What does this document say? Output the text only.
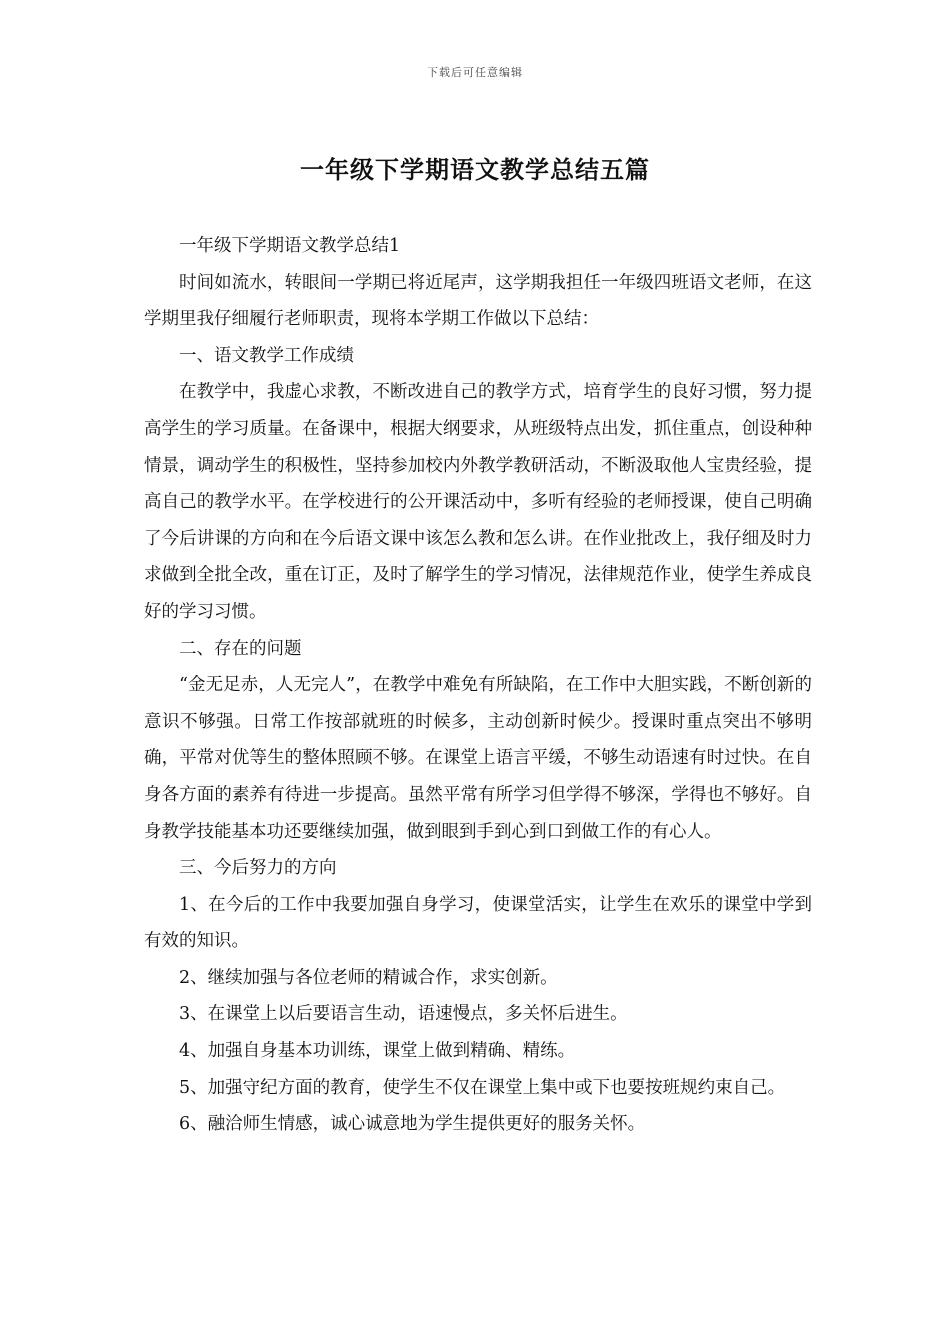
下载后可任意编辑
一年级下学期语文教学总结五篇

一年级下学期语文教学总结1

时间如流水，转眼间一学期已将近尾声，这学期我担任一年级四班语文老师，在这学期里我仔细履行老师职责，现将本学期工作做以下总结：

一、语文教学工作成绩

在教学中，我虚心求教，不断改进自己的教学方式，培育学生的良好习惯，努力提高学生的学习质量。在备课中，根据大纲要求，从班级特点出发，抓住重点，创设种种情景，调动学生的积极性，坚持参加校内外教学教研活动，不断汲取他人宝贵经验，提高自己的教学水平。在学校进行的公开课活动中，多听有经验的老师授课，使自己明确了今后讲课的方向和在今后语文课中该怎么教和怎么讲。在作业批改上，我仔细及时力求做到全批全改，重在订正，及时了解学生的学习情况，法律规范作业，使学生养成良好的学习习惯。

二、存在的问题

“金无足赤，人无完人”，在教学中难免有所缺陷，在工作中大胆实践，不断创新的意识不够强。日常工作按部就班的时候多，主动创新时候少。授课时重点突出不够明确，平常对优等生的整体照顾不够。在课堂上语言平缓，不够生动语速有时过快。在自身各方面的素养有待进一步提高。虽然平常有所学习但学得不够深，学得也不够好。自身教学技能基本功还要继续加强，做到眼到手到心到口到做工作的有心人。

三、今后努力的方向

1、在今后的工作中我要加强自身学习，使课堂活实，让学生在欢乐的课堂中学到有效的知识。

2、继续加强与各位老师的精诚合作，求实创新。

3、在课堂上以后要语言生动，语速慢点，多关怀后进生。

4、加强自身基本功训练，课堂上做到精确、精练。

5、加强守纪方面的教育，使学生不仅在课堂上集中或下也要按班规约束自己。

6、融洽师生情感，诚心诚意地为学生提供更好的服务关怀。
